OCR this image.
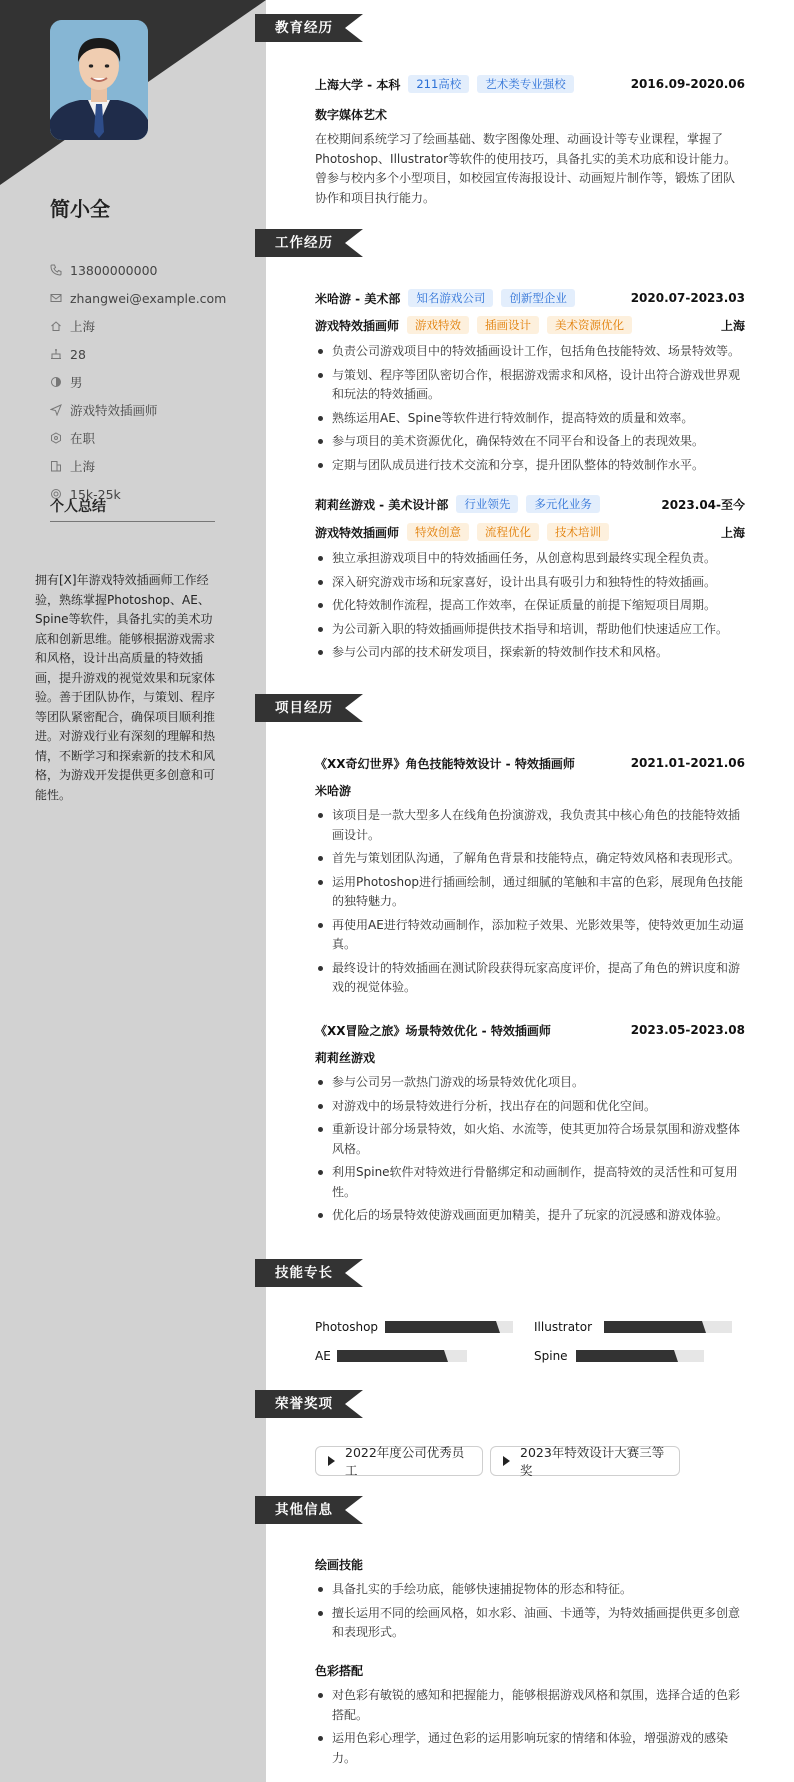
简小全
13800000000
zhangwei@example.com
上海
28
男
游戏特效插画师
在职
上海
15k-25k
个人总结
拥有[X]年游戏特效插画师工作经验，熟练掌握Photoshop、AE、Spine等软件，具备扎实的美术功底和创新思维。能够根据游戏需求和风格，设计出高质量的特效插画，提升游戏的视觉效果和玩家体验。善于团队协作，与策划、程序等团队紧密配合，确保项目顺利推进。对游戏行业有深刻的理解和热情，不断学习和探索新的技术和风格，为游戏开发提供更多创意和可能性。
教育经历
上海大学 - 本科	211高校	艺术类专业强校	2016.09-2020.06
数字媒体艺术
在校期间系统学习了绘画基础、数字图像处理、动画设计等专业课程，掌握了Photoshop、Illustrator等软件的使用技巧，具备扎实的美术功底和设计能力。曾参与校内多个小型项目，如校园宣传海报设计、动画短片制作等，锻炼了团队协作和项目执行能力。
工作经历
米哈游 - 美术部	知名游戏公司	创新型企业	2020.07-2023.03
游戏特效插画师	游戏特效	插画设计	美术资源优化	上海
负责公司游戏项目中的特效插画设计工作，包括角色技能特效、场景特效等。
与策划、程序等团队密切合作，根据游戏需求和风格，设计出符合游戏世界观和玩法的特效插画。
熟练运用AE、Spine等软件进行特效制作，提高特效的质量和效率。
参与项目的美术资源优化，确保特效在不同平台和设备上的表现效果。
定期与团队成员进行技术交流和分享，提升团队整体的特效制作水平。
莉莉丝游戏 - 美术设计部	行业领先	多元化业务	2023.04-至今
游戏特效插画师	特效创意	流程优化	技术培训	上海
独立承担游戏项目中的特效插画任务，从创意构思到最终实现全程负责。
深入研究游戏市场和玩家喜好，设计出具有吸引力和独特性的特效插画。
优化特效制作流程，提高工作效率，在保证质量的前提下缩短项目周期。
为公司新入职的特效插画师提供技术指导和培训，帮助他们快速适应工作。
参与公司内部的技术研发项目，探索新的特效制作技术和风格。
项目经历
《XX奇幻世界》角色技能特效设计 - 特效插画师	2021.01-2021.06
米哈游
该项目是一款大型多人在线角色扮演游戏，我负责其中核心角色的技能特效插画设计。
首先与策划团队沟通，了解角色背景和技能特点，确定特效风格和表现形式。
运用Photoshop进行插画绘制，通过细腻的笔触和丰富的色彩，展现角色技能的独特魅力。
再使用AE进行特效动画制作，添加粒子效果、光影效果等，使特效更加生动逼真。
最终设计的特效插画在测试阶段获得玩家高度评价，提高了角色的辨识度和游戏的视觉体验。
《XX冒险之旅》场景特效优化 - 特效插画师	2023.05-2023.08
莉莉丝游戏
参与公司另一款热门游戏的场景特效优化项目。
对游戏中的场景特效进行分析，找出存在的问题和优化空间。
重新设计部分场景特效，如火焰、水流等，使其更加符合场景氛围和游戏整体风格。
利用Spine软件对特效进行骨骼绑定和动画制作，提高特效的灵活性和可复用性。
优化后的场景特效使游戏画面更加精美，提升了玩家的沉浸感和游戏体验。
技能专长
Photoshop	Illustrator
AE	Spine
荣誉奖项
2022年度公司优秀员工
2023年特效设计大赛三等奖
其他信息
绘画技能
具备扎实的手绘功底，能够快速捕捉物体的形态和特征。
擅长运用不同的绘画风格，如水彩、油画、卡通等，为特效插画提供更多创意和表现形式。
色彩搭配
对色彩有敏锐的感知和把握能力，能够根据游戏风格和氛围，选择合适的色彩搭配。
运用色彩心理学，通过色彩的运用影响玩家的情绪和体验，增强游戏的感染力。
